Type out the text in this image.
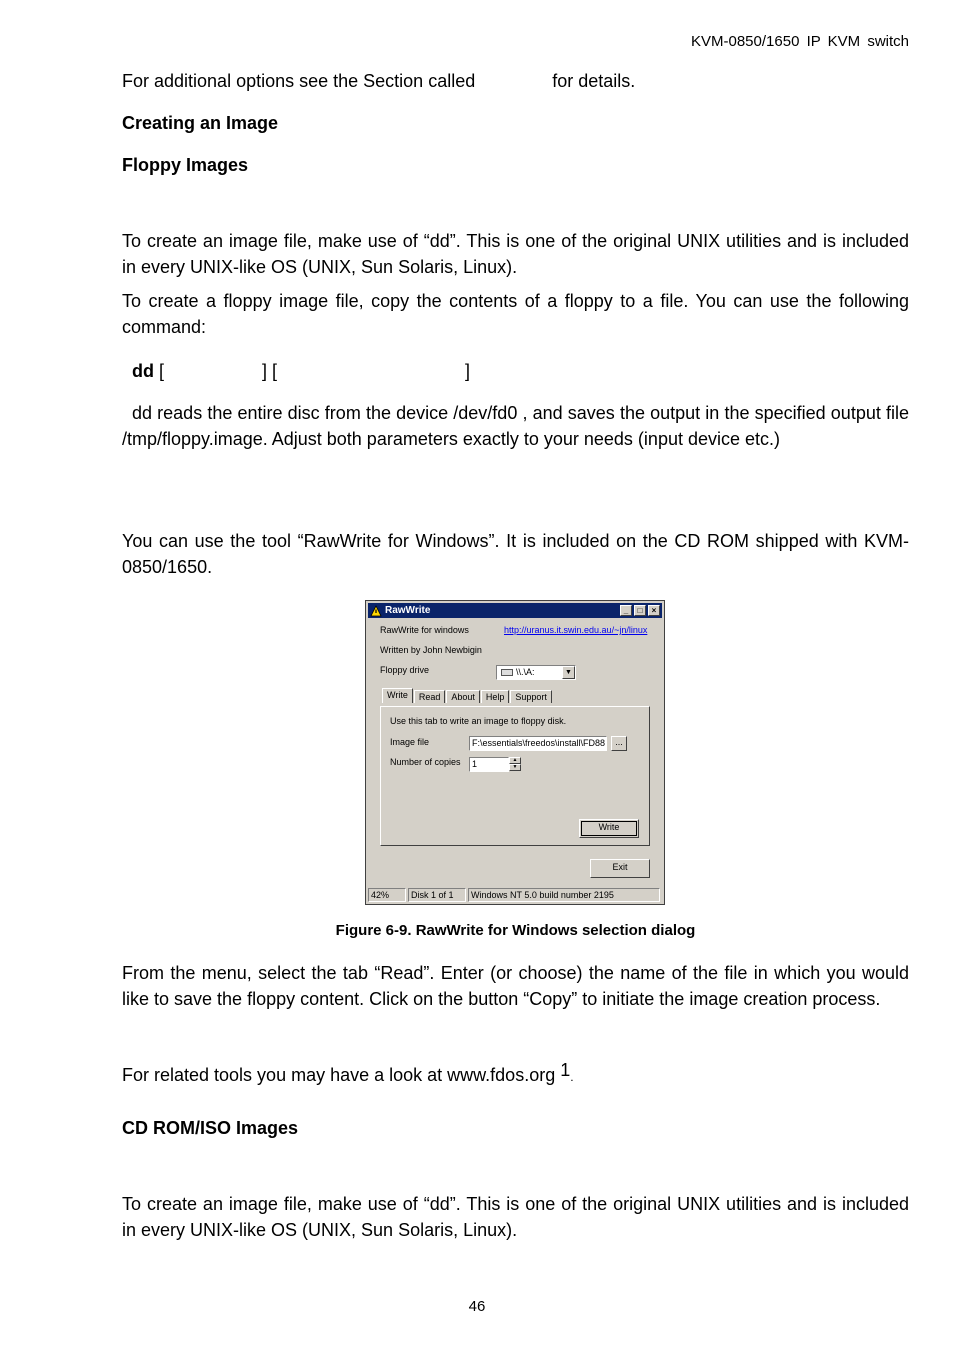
KVM-0850/1650 IP KVM switch
For additional options see the Section called	for details.
Creating an Image
Floppy Images
To create an image file, make use of “dd”. This is one of the original UNIX utilities and is included in every UNIX-like OS (UNIX, Sun Solaris, Linux).
To create a floppy image file, copy the contents of a floppy to a file. You can use the following command:
dd [	] [	]
dd reads the entire disc from the device /dev/fd0 , and saves the output in the specified output file /tmp/floppy.image. Adjust both parameters exactly to your needs (input device etc.)
You can use the tool “RawWrite for Windows”. It is included on the CD ROM shipped with KVM-0850/1650.
RawWrite	_	□	×
RawWrite for windows	http://uranus.it.swin.edu.au/~jn/linux
Written by John Newbigin
Floppy drive	\\.\A:	▼
Write	Read	About	Help	Support
Use this tab to write an image to floppy disk.
Image file	F:\essentials\freedos\install\FD88	...
Number of copies	1	▲
▼
Write
Exit
42%	Disk 1 of 1	Windows NT 5.0 build number 2195
Figure 6-9. RawWrite for Windows selection dialog
From the menu, select the tab “Read”. Enter (or choose) the name of the file in which you would like to save the floppy content. Click on the button “Copy” to initiate the image creation process.
For related tools you may have a look at www.fdos.org $^1$.
CD ROM/ISO Images
To create an image file, make use of “dd”. This is one of the original UNIX utilities and is included in every UNIX-like OS (UNIX, Sun Solaris, Linux).
46
